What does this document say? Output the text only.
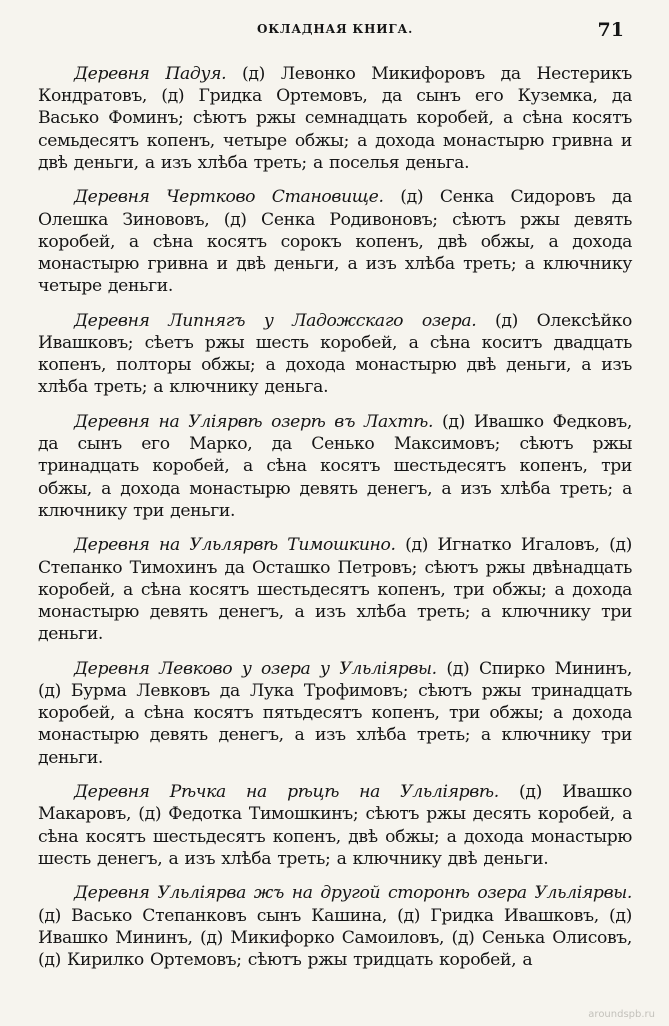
ОКЛАДНАЯ КНИГА.	71

Деревня Падуя. (д) Левонко Микифоровъ да Нестерикъ Кондратовъ, (д) Гридка Ортемовъ, да сынъ его Куземка, да Васько Фоминъ; сѣютъ ржы семнадцать коробей, а сѣна косятъ семьдесятъ копенъ, четыре обжы; а дохода монастырю гривна и двѣ деньги, а изъ хлѣба треть; а поселья деньга.

Деревня Чертково Становище. (д) Сенка Сидоровъ да Олешка Зинововъ, (д) Сенка Родивоновъ; сѣютъ ржы девять коробей, а сѣна косятъ сорокъ копенъ, двѣ обжы, а дохода монастырю гривна и двѣ деньги, а изъ хлѣба треть; а ключнику четыре деньги.

Деревня Липнягъ у Ладожскаго озера. (д) Олексѣйко Ивашковъ; сѣетъ ржы шесть коробей, а сѣна коситъ двадцать копенъ, полторы обжы; а дохода монастырю двѣ деньги, а изъ хлѣба треть; а ключнику деньга.

Деревня на Уліярвѣ озерѣ въ Лахтѣ. (д) Ивашко Федковъ, да сынъ его Марко, да Сенько Максимовъ; сѣютъ ржы тринадцать коробей, а сѣна косятъ шестьдесятъ копенъ, три обжы, а дохода монастырю девять денегъ, а изъ хлѣба треть; а ключнику три деньги.

Деревня на Ульлярвѣ Тимошкино. (д) Игнатко Игаловъ, (д) Степанко Тимохинъ да Осташко Петровъ; сѣютъ ржы двѣнадцать коробей, а сѣна косятъ шестьдесятъ копенъ, три обжы; а дохода монастырю девять денегъ, а изъ хлѣба треть; а ключнику три деньги.

Деревня Левково у озера у Ульліярвы. (д) Спирко Мининъ, (д) Бурма Левковъ да Лука Трофимовъ; сѣютъ ржы тринадцать коробей, а сѣна косятъ пятьдесятъ копенъ, три обжы; а дохода монастырю девять денегъ, а изъ хлѣба треть; а ключнику три деньги.

Деревня Рѣчка на рѣцѣ на Ульліярвѣ. (д) Ивашко Макаровъ, (д) Федотка Тимошкинъ; сѣютъ ржы десять коробей, а сѣна косятъ шестьдесятъ копенъ, двѣ обжы; а дохода монастырю шесть денегъ, а изъ хлѣба треть; а ключнику двѣ деньги.

Деревня Ульліярва жъ на другой сторонѣ озера Ульліярвы. (д) Васько Степанковъ сынъ Кашина, (д) Гридка Ивашковъ, (д) Ивашко Мининъ, (д) Микифорко Самоиловъ, (д) Сенька Олисовъ, (д) Кирилко Ортемовъ; сѣютъ ржы тридцать коробей, а

aroundspb.ru
